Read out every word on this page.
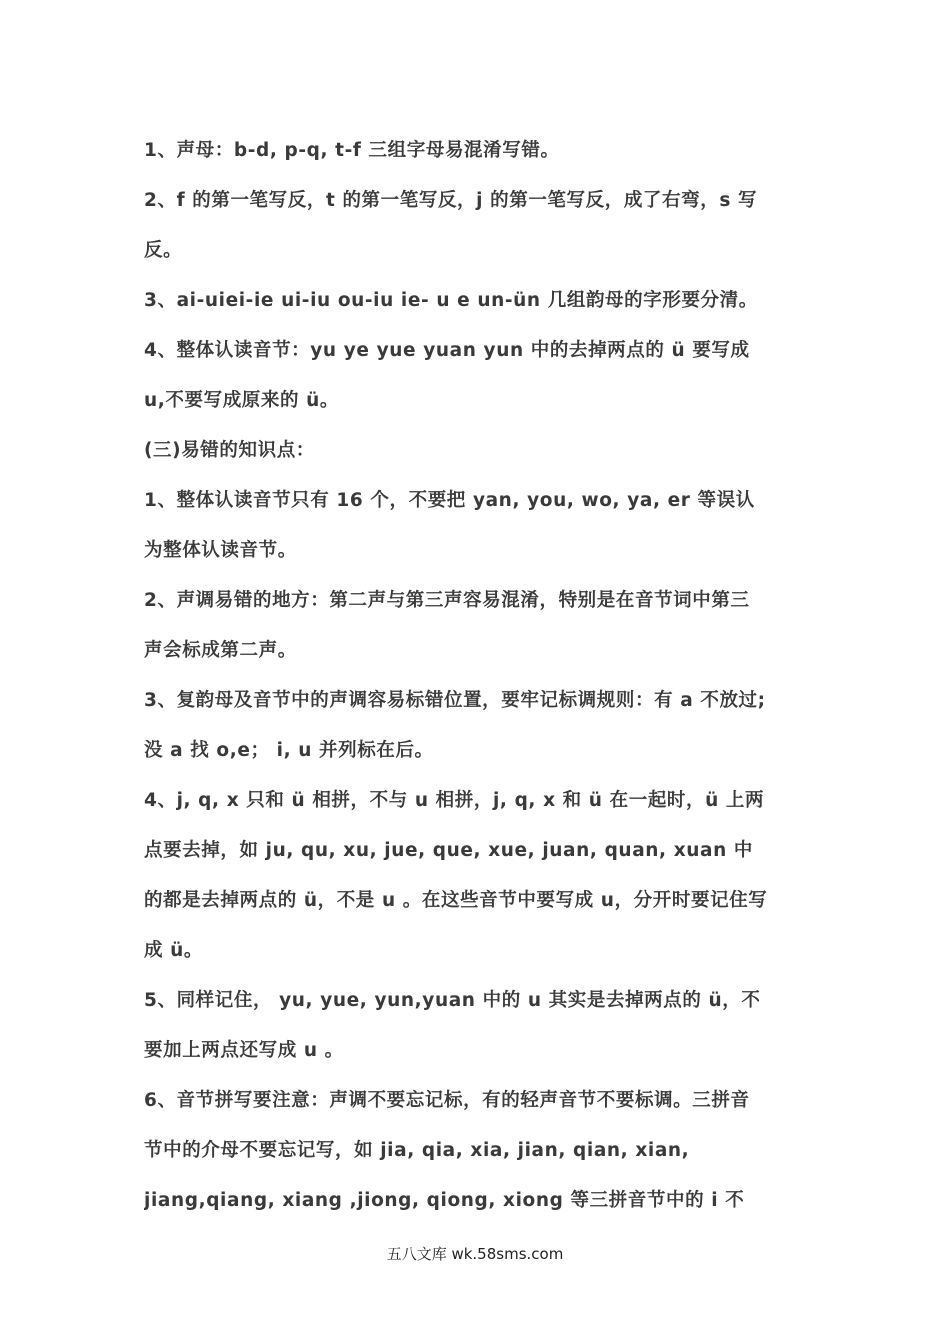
1、声母：b-d, p-q, t-f 三组字母易混淆写错。
2、f 的第一笔写反，t 的第一笔写反，j 的第一笔写反，成了右弯，s 写
反。
3、ai-uiei-ie ui-iu ou-iu ie- u e un-ün 几组韵母的字形要分清。
4、整体认读音节：yu ye yue yuan yun 中的去掉两点的 ü 要写成
u,不要写成原来的 ü。
(三)易错的知识点：
1、整体认读音节只有 16 个，不要把 yan, you, wo, ya, er 等误认
为整体认读音节。
2、声调易错的地方：第二声与第三声容易混淆，特别是在音节词中第三
声会标成第二声。
3、复韵母及音节中的声调容易标错位置，要牢记标调规则：有 a 不放过;
没 a 找 o,e； i, u 并列标在后。
4、j, q, x 只和 ü 相拼，不与 u 相拼，j, q, x 和 ü 在一起时，ü 上两
点要去掉，如 ju, qu, xu, jue, que, xue, juan, quan, xuan 中
的都是去掉两点的 ü，不是 u 。在这些音节中要写成 u，分开时要记住写
成 ü。
5、同样记住， yu, yue, yun,yuan 中的 u 其实是去掉两点的 ü，不
要加上两点还写成 u 。
6、音节拼写要注意：声调不要忘记标，有的轻声音节不要标调。三拼音
节中的介母不要忘记写，如 jia, qia, xia, jian, qian, xian,
jiang,qiang, xiang ,jiong, qiong, xiong 等三拼音节中的 i 不
五八文库 wk.58sms.com
